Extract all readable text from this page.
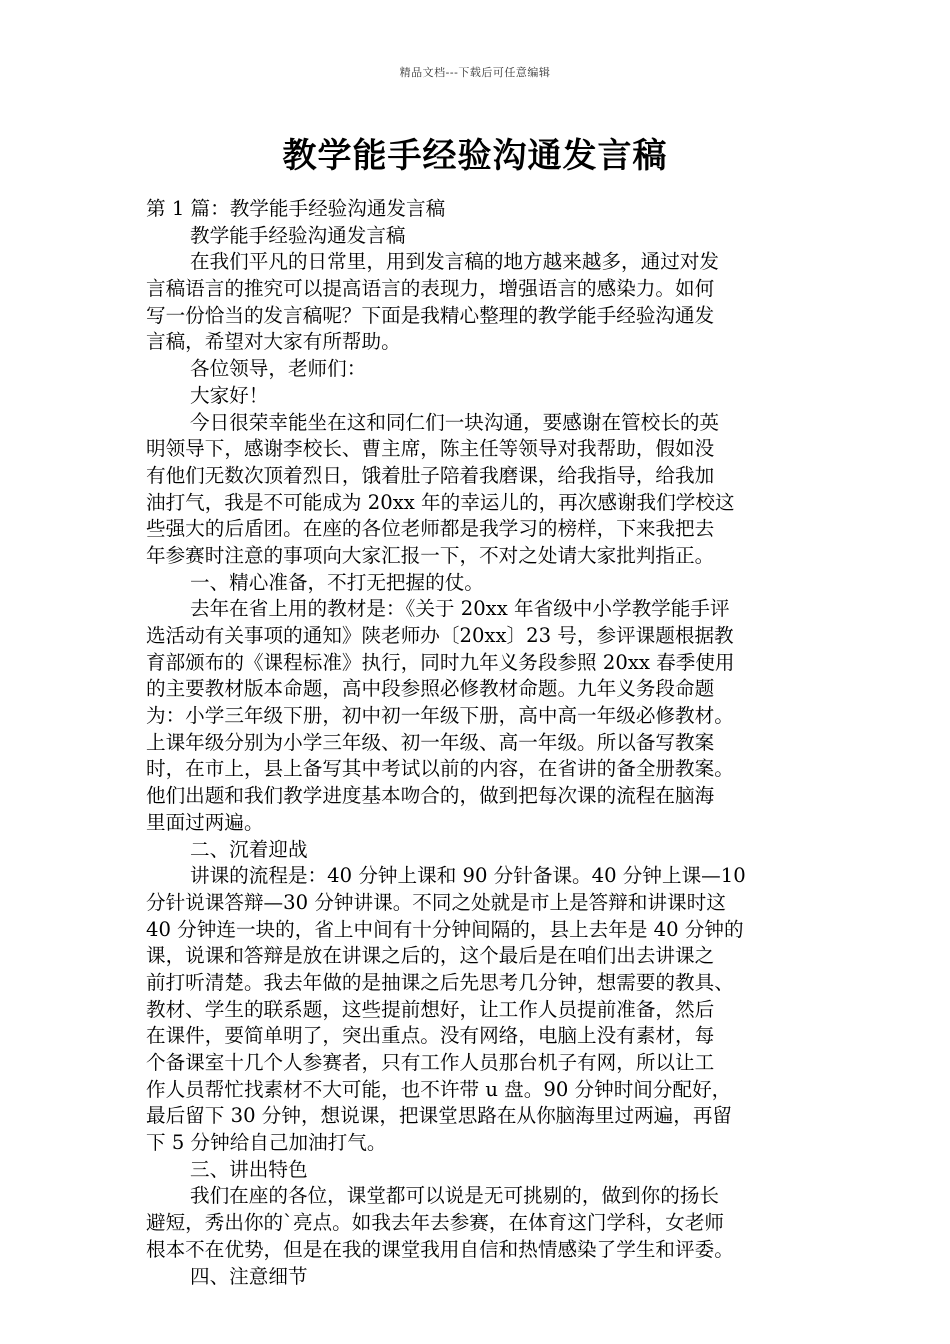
精品文档---下载后可任意编辑
教学能手经验沟通发言稿
第 1 篇：教学能手经验沟通发言稿
教学能手经验沟通发言稿
在我们平凡的日常里，用到发言稿的地方越来越多，通过对发
言稿语言的推究可以提高语言的表现力，增强语言的感染力。如何
写一份恰当的发言稿呢？下面是我精心整理的教学能手经验沟通发
言稿，希望对大家有所帮助。
各位领导，老师们：
大家好！
今日很荣幸能坐在这和同仁们一块沟通，要感谢在管校长的英
明领导下，感谢李校长、曹主席，陈主任等领导对我帮助，假如没
有他们无数次顶着烈日，饿着肚子陪着我磨课，给我指导，给我加
油打气，我是不可能成为 20xx 年的幸运儿的，再次感谢我们学校这
些强大的后盾团。在座的各位老师都是我学习的榜样，下来我把去
年参赛时注意的事项向大家汇报一下，不对之处请大家批判指正。
一、精心准备，不打无把握的仗。
去年在省上用的教材是：《关于 20xx 年省级中小学教学能手评
选活动有关事项的通知》陕老师办〔20xx〕23 号，参评课题根据教
育部颁布的《课程标准》执行，同时九年义务段参照 20xx 春季使用
的主要教材版本命题，高中段参照必修教材命题。九年义务段命题
为：小学三年级下册，初中初一年级下册，高中高一年级必修教材。
上课年级分别为小学三年级、初一年级、高一年级。所以备写教案
时，在市上，县上备写其中考试以前的内容，在省讲的备全册教案。
他们出题和我们教学进度基本吻合的，做到把每次课的流程在脑海
里面过两遍。
二、沉着迎战
讲课的流程是：40 分钟上课和 90 分针备课。40 分钟上课—10
分针说课答辩—30 分钟讲课。不同之处就是市上是答辩和讲课时这
40 分钟连一块的，省上中间有十分钟间隔的，县上去年是 40 分钟的
课，说课和答辩是放在讲课之后的，这个最后是在咱们出去讲课之
前打听清楚。我去年做的是抽课之后先思考几分钟，想需要的教具、
教材、学生的联系题，这些提前想好，让工作人员提前准备，然后
在课件，要简单明了，突出重点。没有网络，电脑上没有素材，每
个备课室十几个人参赛者，只有工作人员那台机子有网，所以让工
作人员帮忙找素材不大可能，也不许带 u 盘。90 分钟时间分配好，
最后留下 30 分钟，想说课，把课堂思路在从你脑海里过两遍，再留
下 5 分钟给自己加油打气。
三、讲出特色
我们在座的各位，课堂都可以说是无可挑剔的，做到你的扬长
避短，秀出你的`亮点。如我去年去参赛，在体育这门学科，女老师
根本不在优势，但是在我的课堂我用自信和热情感染了学生和评委。
四、注意细节
